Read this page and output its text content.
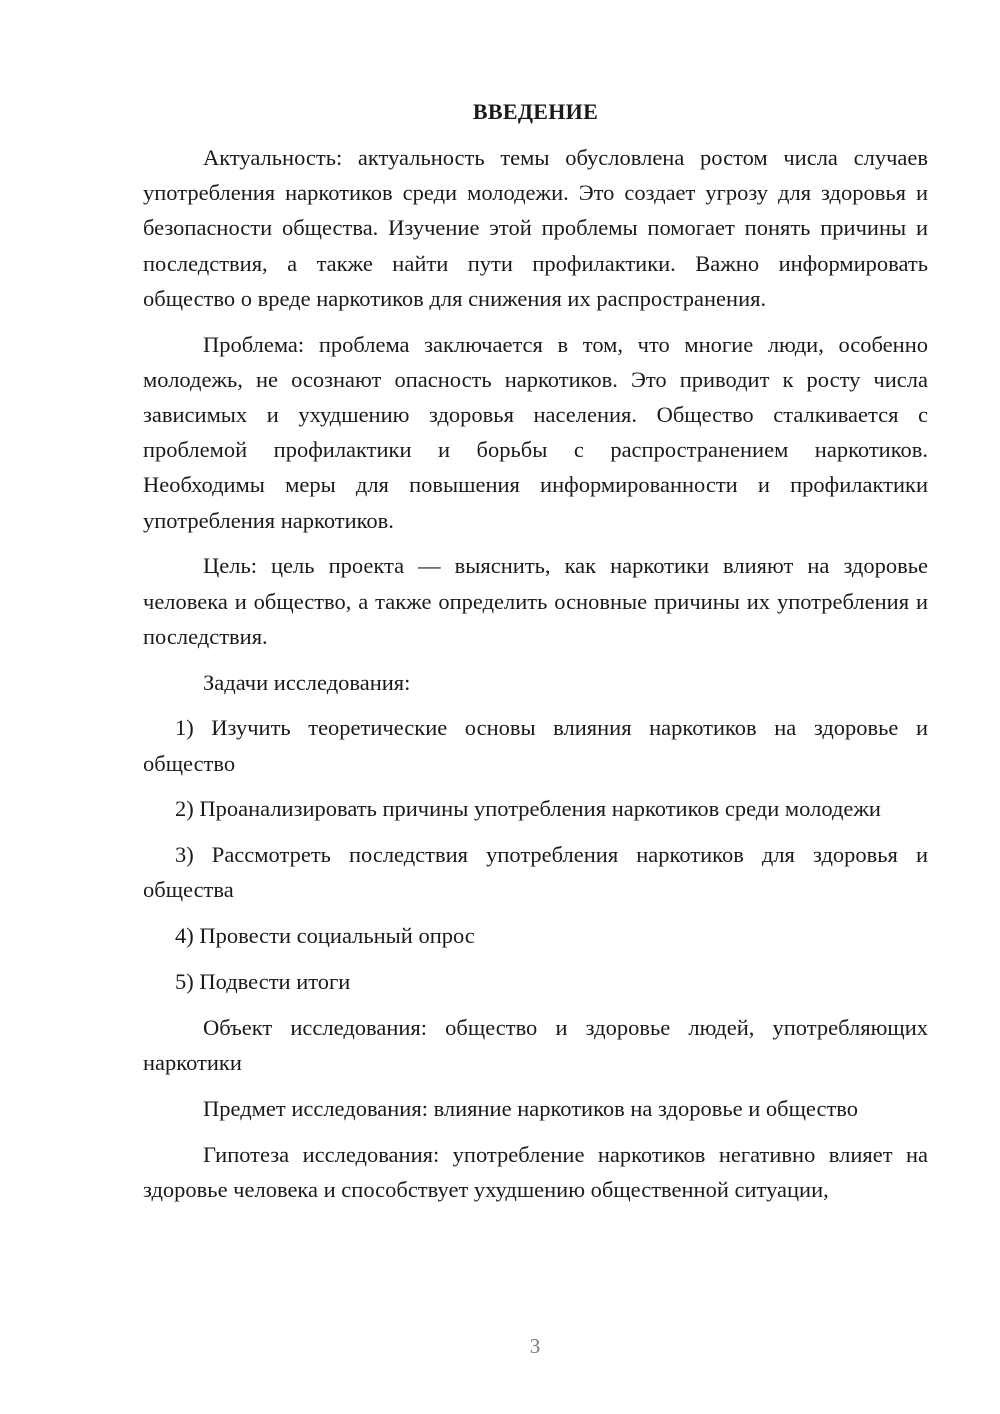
ВВЕДЕНИЕ

Актуальность: актуальность темы обусловлена ростом числа случаев употребления наркотиков среди молодежи. Это создает угрозу для здоровья и безопасности общества. Изучение этой проблемы помогает понять причины и последствия, а также найти пути профилактики. Важно информировать общество о вреде наркотиков для снижения их распространения.

Проблема: проблема заключается в том, что многие люди, особенно молодежь, не осознают опасность наркотиков. Это приводит к росту числа зависимых и ухудшению здоровья населения. Общество сталкивается с проблемой профилактики и борьбы с распространением наркотиков. Необходимы меры для повышения информированности и профилактики употребления наркотиков.

Цель: цель проекта — выяснить, как наркотики влияют на здоровье человека и общество, а также определить основные причины их употребления и последствия.

Задачи исследования:

1) Изучить теоретические основы влияния наркотиков на здоровье и общество

2) Проанализировать причины употребления наркотиков среди молодежи

3) Рассмотреть последствия употребления наркотиков для здоровья и общества

4) Провести социальный опрос

5) Подвести итоги

Объект исследования: общество и здоровье людей, употребляющих наркотики

Предмет исследования: влияние наркотиков на здоровье и общество

Гипотеза исследования: употребление наркотиков негативно влияет на здоровье человека и способствует ухудшению общественной ситуации,

3
